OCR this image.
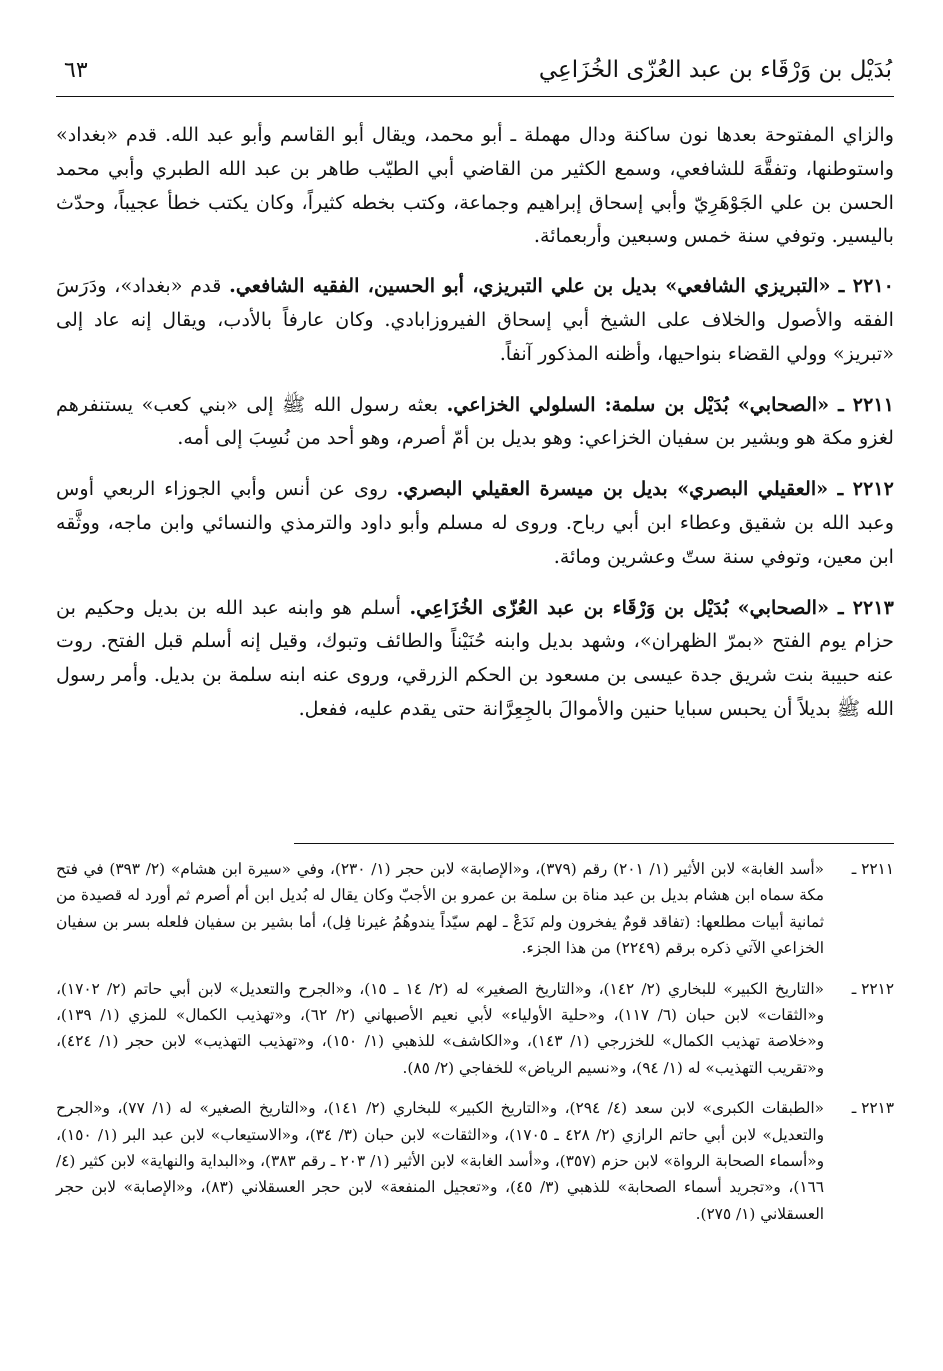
بُدَيْل بن وَرْقَاء بن عبد العُزّى الخُزَاعِي
٦٣

والزاي المفتوحة بعدها نون ساكنة ودال مهملة ـ أبو محمد، ويقال أبو القاسم وأبو عبد الله. قدم «بغداد» واستوطنها، وتفقَّهَ للشافعي، وسمع الكثير من القاضي أبي الطيّب طاهر بن عبد الله الطبري وأبي محمد الحسن بن علي الجَوْهَرِيّ وأبي إسحاق إبراهيم وجماعة، وكتب بخطه كثيراً، وكان يكتب خطأ عجيباً، وحدّث باليسير. وتوفي سنة خمس وسبعين وأربعمائة.

٢٢١٠ ـ «التبريزي الشافعي» بديل بن علي التبريزي، أبو الحسين، الفقيه الشافعي. قدم «بغداد»، ودَرَسَ الفقه والأصول والخلاف على الشيخ أبي إسحاق الفيروزابادي. وكان عارفاً بالأدب، ويقال إنه عاد إلى «تبريز» وولي القضاء بنواحيها، وأظنه المذكور آنفاً.

٢٢١١ ـ «الصحابي» بُدَيْل بن سلمة: السلولي الخزاعي. بعثه رسول الله ﷺ إلى «بني كعب» يستنفرهم لغزو مكة هو وبشير بن سفيان الخزاعي: وهو بديل بن أمّ أصرم، وهو أحد من نُسِبَ إلى أمه.

٢٢١٢ ـ «العقيلي البصري» بديل بن ميسرة العقيلي البصري. روى عن أنس وأبي الجوزاء الربعي أوس وعبد الله بن شقيق وعطاء ابن أبي رباح. وروى له مسلم وأبو داود والترمذي والنسائي وابن ماجه، ووثَّقه ابن معين، وتوفي سنة ستّ وعشرين ومائة.

٢٢١٣ ـ «الصحابي» بُدَيْل بن وَرْقَاء بن عبد العُزّى الخُزَاعِي. أسلم هو وابنه عبد الله بن بديل وحكيم بن حزام يوم الفتح «بمرّ الظهران»، وشهد بديل وابنه حُنَيْناً والطائف وتبوك، وقيل إنه أسلم قبل الفتح. روت عنه حبيبة بنت شريق جدة عيسى بن مسعود بن الحكم الزرقي، وروى عنه ابنه سلمة بن بديل. وأمر رسول الله ﷺ بديلاً أن يحبس سبايا حنين والأموالَ بالجِعِرَّانة حتى يقدم عليه، ففعل.

٢٢١١ ـ
«أسد الغابة» لابن الأثير (١/ ٢٠١) رقم (٣٧٩)، و«الإصابة» لابن حجر (١/ ٢٣٠)، وفي «سيرة ابن هشام» (٢/ ٣٩٣) في فتح مكة سماه ابن هشام بديل بن عبد مناة بن سلمة بن عمرو بن الأجبّ وكان يقال له بُديل ابن أم أصرم ثم أورد له قصيدة من ثمانية أبيات مطلعها: (تفاقد قومٌ يفخرون ولم نَدَعْ ـ لهم سيّداً يندوهُمُ غيرنا فِل)، أما بشير بن سفيان فلعله بسر بن سفيان الخزاعي الآتي ذكره برقم (٢٢٤٩) من هذا الجزء.
٢٢١٢ ـ
«التاريخ الكبير» للبخاري (٢/ ١٤٢)، و«التاريخ الصغير» له (٢/ ١٤ ـ ١٥)، و«الجرح والتعديل» لابن أبي حاتم (٢/ ١٧٠٢)، و«الثقات» لابن حبان (٦/ ١١٧)، و«حلية الأولياء» لأبي نعيم الأصبهاني (٢/ ٦٢)، و«تهذيب الكمال» للمزي (١/ ١٣٩)، و«خلاصة تهذيب الكمال» للخزرجي (١/ ١٤٣)، و«الكاشف» للذهبي (١/ ١٥٠)، و«تهذيب التهذيب» لابن حجر (١/ ٤٢٤)، و«تقريب التهذيب» له (١/ ٩٤)، و«نسيم الرياض» للخفاجي (٢/ ٨٥).
٢٢١٣ ـ
«الطبقات الكبرى» لابن سعد (٤/ ٢٩٤)، و«التاريخ الكبير» للبخاري (٢/ ١٤١)، و«التاريخ الصغير» له (١/ ٧٧)، و«الجرح والتعديل» لابن أبي حاتم الرازي (٢/ ٤٢٨ ـ ١٧٠٥)، و«الثقات» لابن حبان (٣/ ٣٤)، و«الاستيعاب» لابن عبد البر (١/ ١٥٠)، و«أسماء الصحابة الرواة» لابن حزم (٣٥٧)، و«أسد الغابة» لابن الأثير (١/ ٢٠٣ ـ رقم ٣٨٣)، و«البداية والنهاية» لابن كثير (٤/ ١٦٦)، و«تجريد أسماء الصحابة» للذهبي (٣/ ٤٥)، و«تعجيل المنفعة» لابن حجر العسقلاني (٨٣)، و«الإصابة» لابن حجر العسقلاني (١/ ٢٧٥).
